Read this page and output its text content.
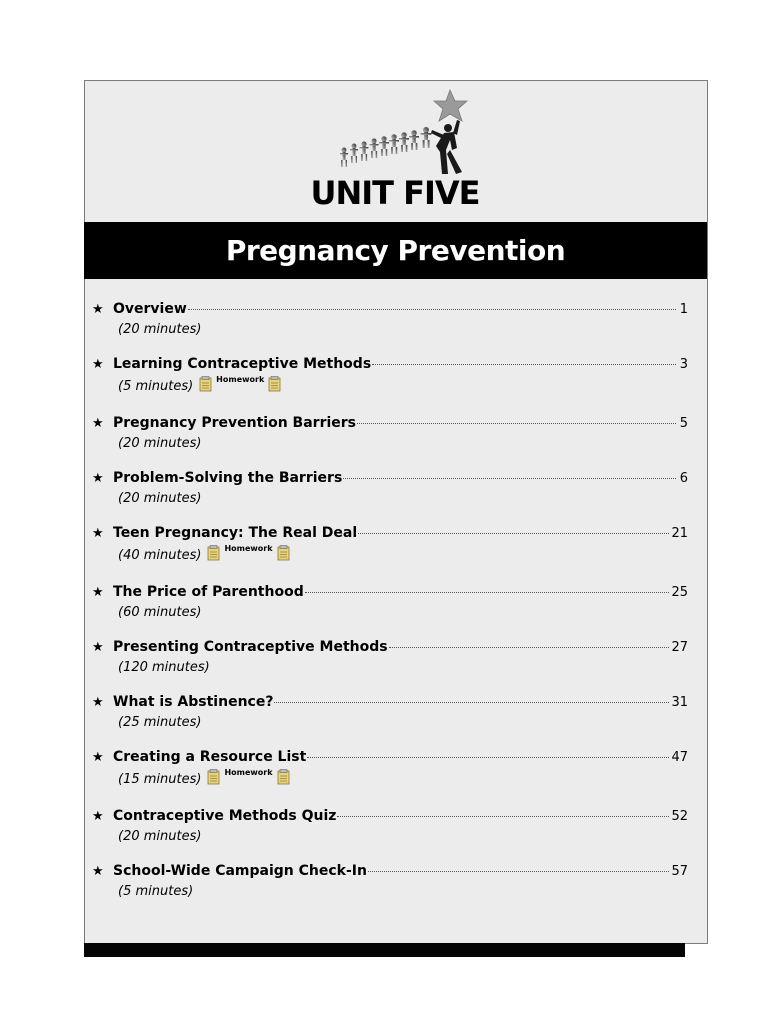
UNIT FIVE
Pregnancy Prevention
★ Overview	1
(20 minutes)
★ Learning Contraceptive Methods	3
(5 minutes)	Homework
★ Pregnancy Prevention Barriers	5
(20 minutes)
★ Problem-Solving the Barriers	6
(20 minutes)
★ Teen Pregnancy: The Real Deal	21
(40 minutes)	Homework
★ The Price of Parenthood	25
(60 minutes)
★ Presenting Contraceptive Methods	27
(120 minutes)
★ What is Abstinence?	31
(25 minutes)
★ Creating a Resource List	47
(15 minutes)	Homework
★ Contraceptive Methods Quiz	52
(20 minutes)
★ School-Wide Campaign Check-In	57
(5 minutes)
